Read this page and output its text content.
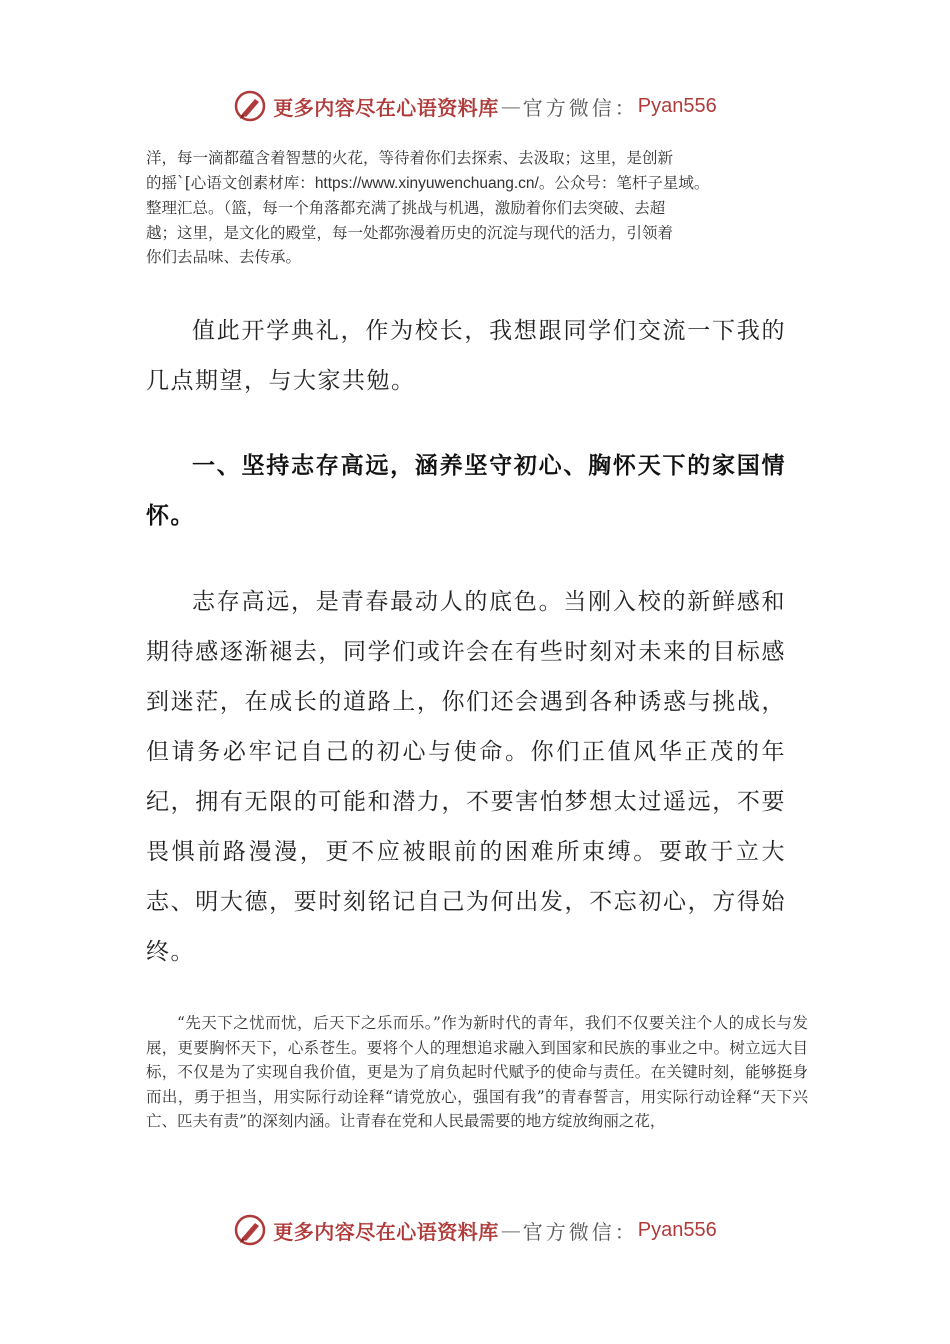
更多内容尽在心语资料库 — 官方微信： Pyan556

洋，每一滴都蕴含着智慧的火花，等待着你们去探索、去汲取；这里，是创新
的摇`[心语文创素材库：https://www.xinyuwenchuang.cn/。公众号：笔杆子星域。
整理汇总。（篮，每一个角落都充满了挑战与机遇，激励着你们去突破、去超
越；这里，是文化的殿堂，每一处都弥漫着历史的沉淀与现代的活力，引领着
你们去品味、去传承。

值此开学典礼，作为校长，我想跟同学们交流一下我的几点期望，与大家共勉。

一、坚持志存高远，涵养坚守初心、胸怀天下的家国情怀。

志存高远，是青春最动人的底色。当刚入校的新鲜感和期待感逐渐褪去，同学们或许会在有些时刻对未来的目标感到迷茫，在成长的道路上，你们还会遇到各种诱惑与挑战，但请务必牢记自己的初心与使命。你们正值风华正茂的年纪，拥有无限的可能和潜力，不要害怕梦想太过遥远，不要畏惧前路漫漫，更不应被眼前的困难所束缚。要敢于立大志、明大德，要时刻铭记自己为何出发，不忘初心，方得始终。

“先天下之忧而忧，后天下之乐而乐。”作为新时代的青年，我们不仅要关注个人的成长与发展，更要胸怀天下，心系苍生。要将个人的理想追求融入到国家和民族的事业之中。树立远大目标，不仅是为了实现自我价值，更是为了肩负起时代赋予的使命与责任。在关键时刻，能够挺身而出，勇于担当，用实际行动诠释“请党放心，强国有我”的青春誓言，用实际行动诠释“天下兴亡、匹夫有责”的深刻内涵。让青春在党和人民最需要的地方绽放绚丽之花，

更多内容尽在心语资料库 — 官方微信： Pyan556
